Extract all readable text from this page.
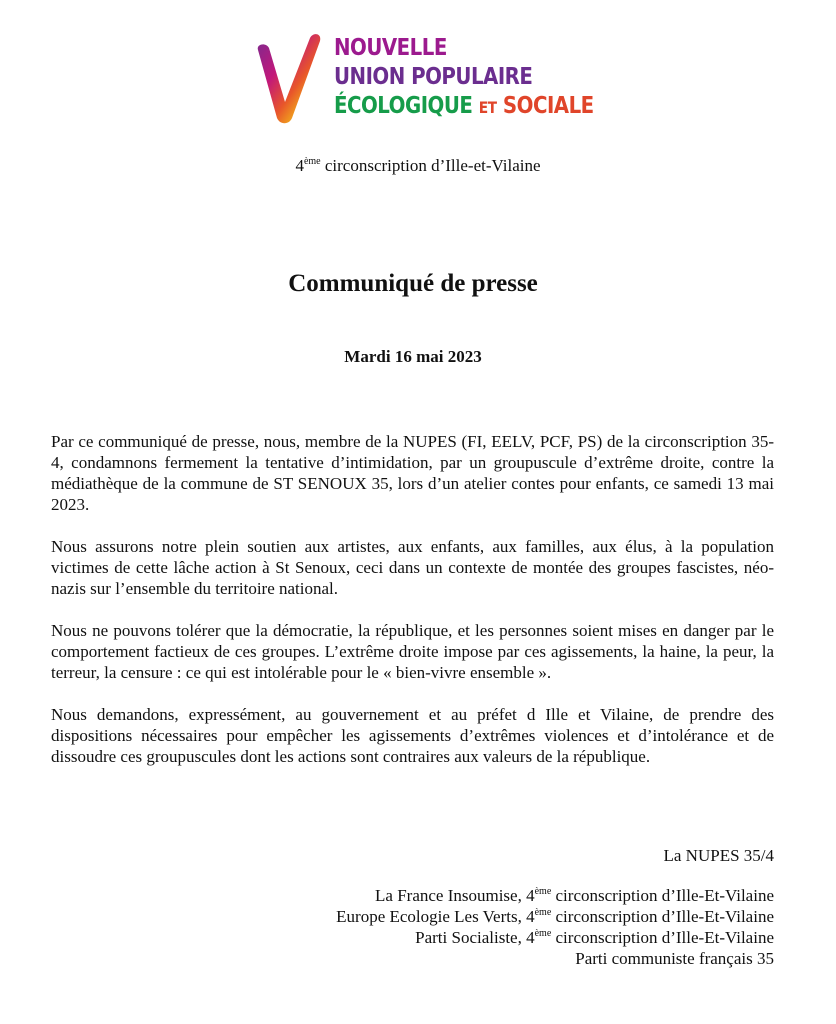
NOUVELLE
UNION POPULAIRE
ÉCOLOGIQUE ET SOCIALE
4ème circonscription d’Ille-et-Vilaine
Communiqué de presse
Mardi 16 mai 2023

Par ce communiqué de presse, nous, membre de la NUPES (FI, EELV, PCF, PS) de la circonscription 35-4, condamnons fermement la tentative d’intimidation, par un groupuscule d’extrême droite, contre la médiathèque de la commune de ST SENOUX 35, lors d’un atelier contes pour enfants, ce samedi 13 mai 2023.

Nous assurons notre plein soutien aux artistes, aux enfants, aux familles, aux élus, à la population victimes de cette lâche action à St Senoux, ceci dans un contexte de montée des groupes fascistes, néo-nazis sur l’ensemble du territoire national.

Nous ne pouvons tolérer que la démocratie, la république, et les personnes soient mises en danger par le comportement factieux de ces groupes. L’extrême droite impose par ces agissements, la haine, la peur, la terreur, la censure : ce qui est intolérable pour le « bien-vivre ensemble ».

Nous demandons, expressément, au gouvernement et au préfet d Ille et Vilaine, de prendre des dispositions nécessaires pour empêcher les agissements d’extrêmes violences et d’intolérance et de dissoudre ces groupuscules dont les actions sont contraires aux valeurs de la république.

La NUPES 35/4
La France Insoumise, 4ème circonscription d’Ille-Et-Vilaine
Europe Ecologie Les Verts, 4ème circonscription d’Ille-Et-Vilaine
Parti Socialiste, 4ème circonscription d’Ille-Et-Vilaine
Parti communiste français 35
